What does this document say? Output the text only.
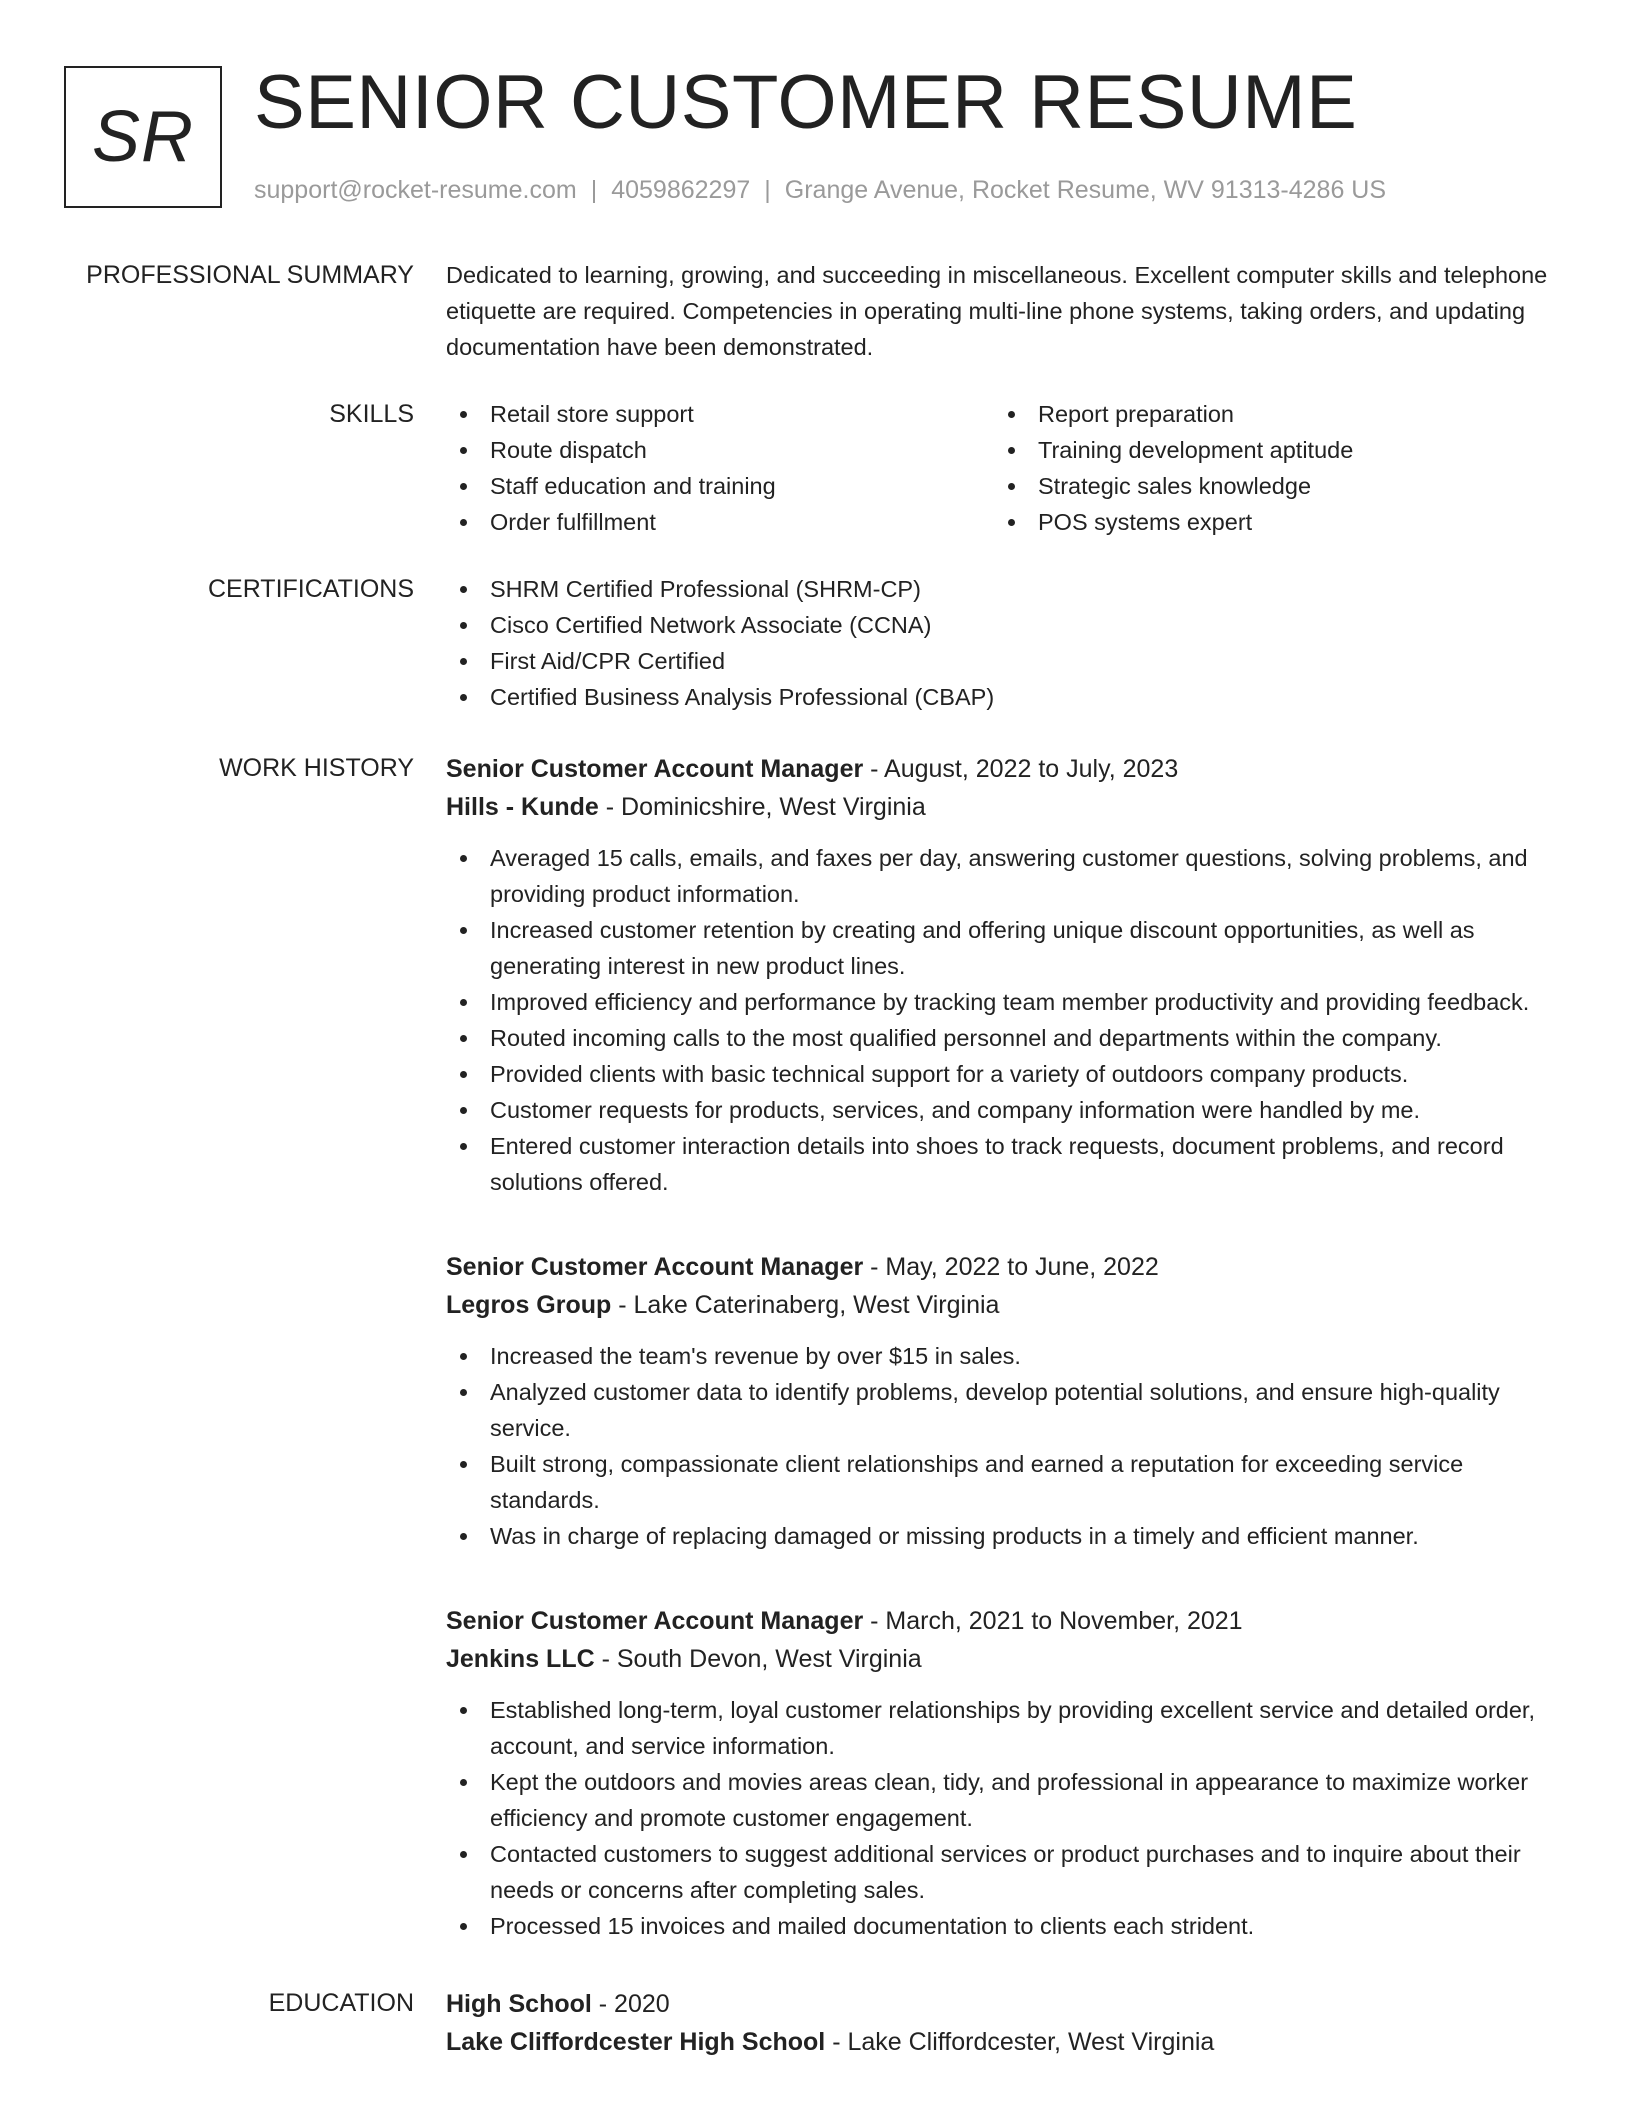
SR SENIOR CUSTOMER RESUME
support@rocket-resume.com | 4059862297 | Grange Avenue, Rocket Resume, WV 91313-4286 US
PROFESSIONAL SUMMARY Dedicated to learning, growing, and succeeding in miscellaneous. Excellent computer skills and telephone etiquette are required. Competencies in operating multi-line phone systems, taking orders, and updating documentation have been demonstrated.
SKILLS	Retail store support
Route dispatch
Staff education and training
Order fulfillment
Report preparation
Training development aptitude
Strategic sales knowledge
POS systems expert
CERTIFICATIONS	SHRM Certified Professional (SHRM-CP)
Cisco Certified Network Associate (CCNA)
First Aid/CPR Certified
Certified Business Analysis Professional (CBAP)
WORK HISTORY Senior Customer Account Manager - August, 2022 to July, 2023
Hills - Kunde - Dominicshire, West Virginia
Averaged 15 calls, emails, and faxes per day, answering customer questions, solving problems, and providing product information.
Increased customer retention by creating and offering unique discount opportunities, as well as generating interest in new product lines.
Improved efficiency and performance by tracking team member productivity and providing feedback.
Routed incoming calls to the most qualified personnel and departments within the company.
Provided clients with basic technical support for a variety of outdoors company products.
Customer requests for products, services, and company information were handled by me.
Entered customer interaction details into shoes to track requests, document problems, and record solutions offered.
Senior Customer Account Manager - May, 2022 to June, 2022
Legros Group - Lake Caterinaberg, West Virginia
Increased the team's revenue by over $15 in sales.
Analyzed customer data to identify problems, develop potential solutions, and ensure high-quality service.
Built strong, compassionate client relationships and earned a reputation for exceeding service standards.
Was in charge of replacing damaged or missing products in a timely and efficient manner.
Senior Customer Account Manager - March, 2021 to November, 2021
Jenkins LLC - South Devon, West Virginia
Established long-term, loyal customer relationships by providing excellent service and detailed order, account, and service information.
Kept the outdoors and movies areas clean, tidy, and professional in appearance to maximize worker efficiency and promote customer engagement.
Contacted customers to suggest additional services or product purchases and to inquire about their needs or concerns after completing sales.
Processed 15 invoices and mailed documentation to clients each strident.
EDUCATION High School - 2020
Lake Cliffordcester High School - Lake Cliffordcester, West Virginia
